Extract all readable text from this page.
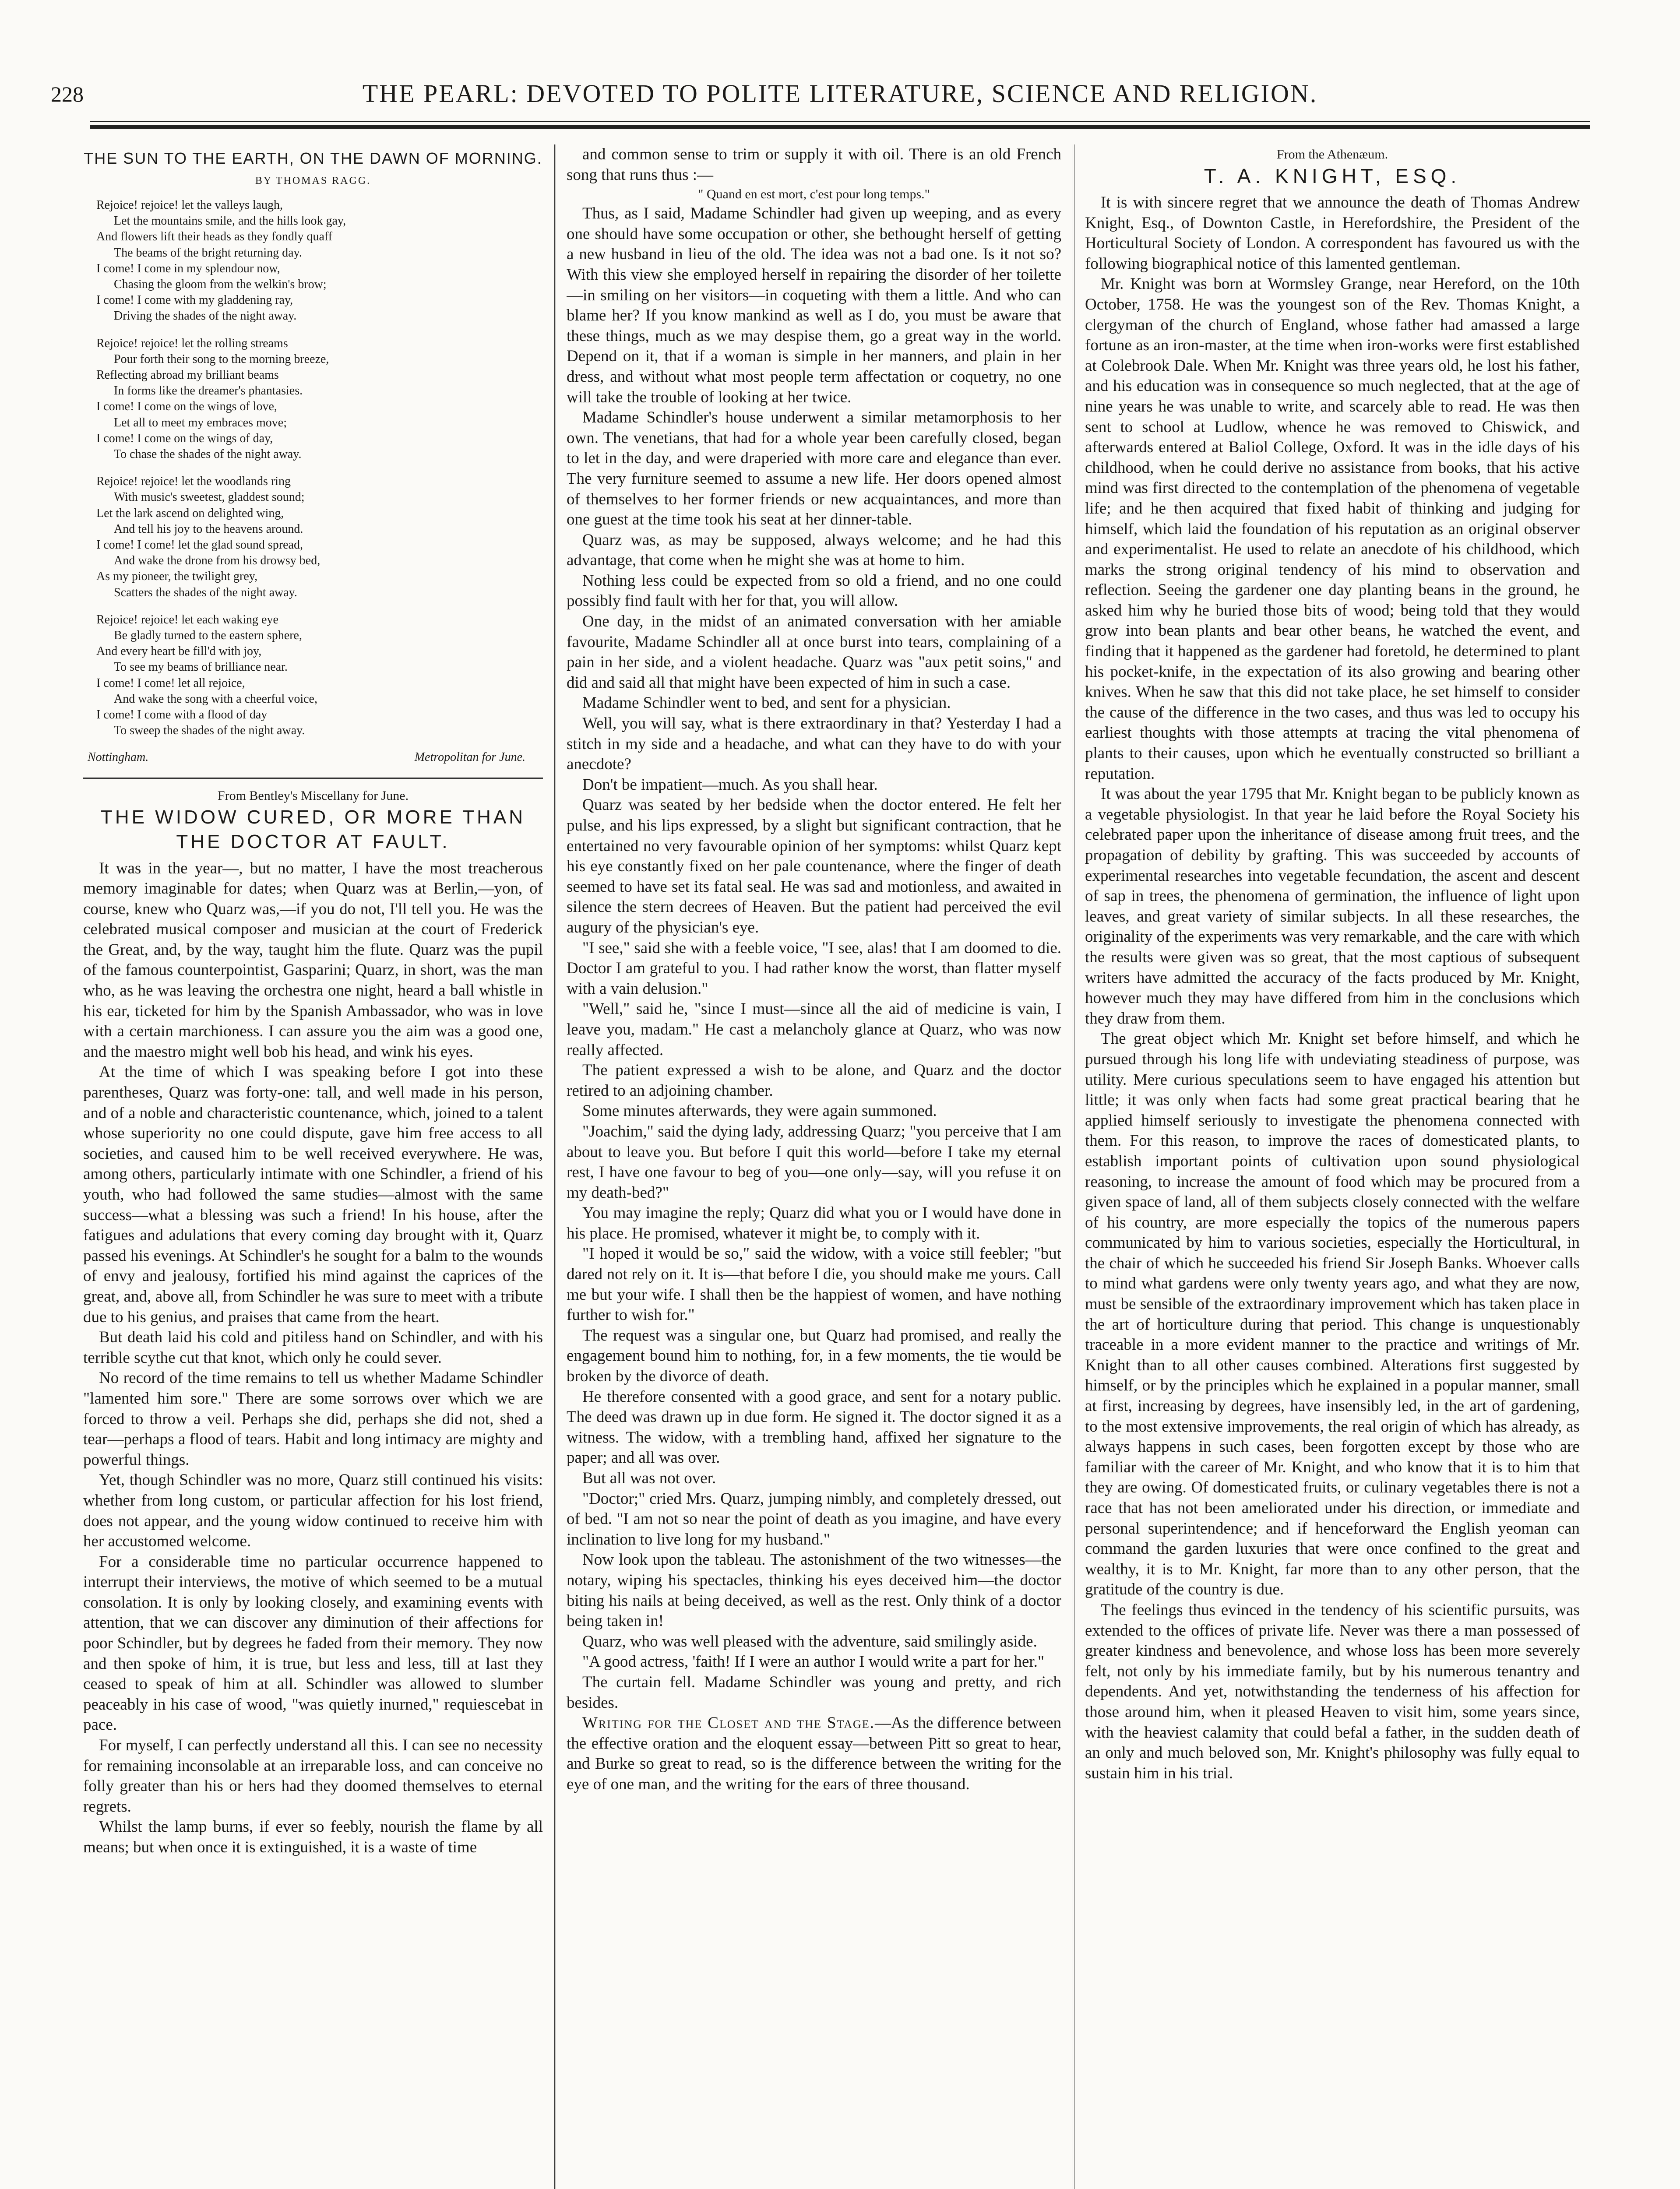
228	THE PEARL: DEVOTED TO POLITE LITERATURE, SCIENCE AND RELIGION.
THE SUN TO THE EARTH, ON THE DAWN OF MORNING.
BY THOMAS RAGG.
Rejoice! rejoice! let the valleys laugh,
Let the mountains smile, and the hills look gay,
And flowers lift their heads as they fondly quaff
The beams of the bright returning day.
I come! I come in my splendour now,
Chasing the gloom from the welkin's brow;
I come! I come with my gladdening ray,
Driving the shades of the night away.
Rejoice! rejoice! let the rolling streams
Pour forth their song to the morning breeze,
Reflecting abroad my brilliant beams
In forms like the dreamer's phantasies.
I come! I come on the wings of love,
Let all to meet my embraces move;
I come! I come on the wings of day,
To chase the shades of the night away.
Rejoice! rejoice! let the woodlands ring
With music's sweetest, gladdest sound;
Let the lark ascend on delighted wing,
And tell his joy to the heavens around.
I come! I come! let the glad sound spread,
And wake the drone from his drowsy bed,
As my pioneer, the twilight grey,
Scatters the shades of the night away.
Rejoice! rejoice! let each waking eye
Be gladly turned to the eastern sphere,
And every heart be fill'd with joy,
To see my beams of brilliance near.
I come! I come! let all rejoice,
And wake the song with a cheerful voice,
I come! I come with a flood of day
To sweep the shades of the night away.
Nottingham.	Metropolitan for June.
From Bentley's Miscellany for June.
THE WIDOW CURED, OR MORE THAN THE DOCTOR AT FAULT.

It was in the year—, but no matter, I have the most treacherous memory imaginable for dates; when Quarz was at Berlin,—yon, of course, knew who Quarz was,—if you do not, I'll tell you. He was the celebrated musical composer and musician at the court of Frederick the Great, and, by the way, taught him the flute. Quarz was the pupil of the famous counterpointist, Gasparini; Quarz, in short, was the man who, as he was leaving the orchestra one night, heard a ball whistle in his ear, ticketed for him by the Spanish Ambassador, who was in love with a certain marchioness. I can assure you the aim was a good one, and the maestro might well bob his head, and wink his eyes.

At the time of which I was speaking before I got into these parentheses, Quarz was forty-one: tall, and well made in his person, and of a noble and characteristic countenance, which, joined to a talent whose superiority no one could dispute, gave him free access to all societies, and caused him to be well received everywhere. He was, among others, particularly intimate with one Schindler, a friend of his youth, who had followed the same studies—almost with the same success—what a blessing was such a friend! In his house, after the fatigues and adulations that every coming day brought with it, Quarz passed his evenings. At Schindler's he sought for a balm to the wounds of envy and jealousy, fortified his mind against the caprices of the great, and, above all, from Schindler he was sure to meet with a tribute due to his genius, and praises that came from the heart.

But death laid his cold and pitiless hand on Schindler, and with his terrible scythe cut that knot, which only he could sever.

No record of the time remains to tell us whether Madame Schindler "lamented him sore." There are some sorrows over which we are forced to throw a veil. Perhaps she did, perhaps she did not, shed a tear—perhaps a flood of tears. Habit and long intimacy are mighty and powerful things.

Yet, though Schindler was no more, Quarz still continued his visits: whether from long custom, or particular affection for his lost friend, does not appear, and the young widow continued to receive him with her accustomed welcome.

For a considerable time no particular occurrence happened to interrupt their interviews, the motive of which seemed to be a mutual consolation. It is only by looking closely, and examining events with attention, that we can discover any diminution of their affections for poor Schindler, but by degrees he faded from their memory. They now and then spoke of him, it is true, but less and less, till at last they ceased to speak of him at all. Schindler was allowed to slumber peaceably in his case of wood, "was quietly inurned," requiescebat in pace.

For myself, I can perfectly understand all this. I can see no necessity for remaining inconsolable at an irreparable loss, and can conceive no folly greater than his or hers had they doomed themselves to eternal regrets.

Whilst the lamp burns, if ever so feebly, nourish the flame by all means; but when once it is extinguished, it is a waste of time

and common sense to trim or supply it with oil. There is an old French song that runs thus :—

" Quand en est mort, c'est pour long temps."

Thus, as I said, Madame Schindler had given up weeping, and as every one should have some occupation or other, she bethought herself of getting a new husband in lieu of the old. The idea was not a bad one. Is it not so? With this view she employed herself in repairing the disorder of her toilette—in smiling on her visitors—in coqueting with them a little. And who can blame her? If you know mankind as well as I do, you must be aware that these things, much as we may despise them, go a great way in the world. Depend on it, that if a woman is simple in her manners, and plain in her dress, and without what most people term affectation or coquetry, no one will take the trouble of looking at her twice.

Madame Schindler's house underwent a similar metamorphosis to her own. The venetians, that had for a whole year been carefully closed, began to let in the day, and were draperied with more care and elegance than ever. The very furniture seemed to assume a new life. Her doors opened almost of themselves to her former friends or new acquaintances, and more than one guest at the time took his seat at her dinner-table.

Quarz was, as may be supposed, always welcome; and he had this advantage, that come when he might she was at home to him.

Nothing less could be expected from so old a friend, and no one could possibly find fault with her for that, you will allow.

One day, in the midst of an animated conversation with her amiable favourite, Madame Schindler all at once burst into tears, complaining of a pain in her side, and a violent headache. Quarz was "aux petit soins," and did and said all that might have been expected of him in such a case.

Madame Schindler went to bed, and sent for a physician.

Well, you will say, what is there extraordinary in that? Yesterday I had a stitch in my side and a headache, and what can they have to do with your anecdote?

Don't be impatient—much. As you shall hear.

Quarz was seated by her bedside when the doctor entered. He felt her pulse, and his lips expressed, by a slight but significant contraction, that he entertained no very favourable opinion of her symptoms: whilst Quarz kept his eye constantly fixed on her pale countenance, where the finger of death seemed to have set its fatal seal. He was sad and motionless, and awaited in silence the stern decrees of Heaven. But the patient had perceived the evil augury of the physician's eye.

"I see," said she with a feeble voice, "I see, alas! that I am doomed to die. Doctor I am grateful to you. I had rather know the worst, than flatter myself with a vain delusion."

"Well," said he, "since I must—since all the aid of medicine is vain, I leave you, madam." He cast a melancholy glance at Quarz, who was now really affected.

The patient expressed a wish to be alone, and Quarz and the doctor retired to an adjoining chamber.

Some minutes afterwards, they were again summoned.

"Joachim," said the dying lady, addressing Quarz; "you perceive that I am about to leave you. But before I quit this world—before I take my eternal rest, I have one favour to beg of you—one only—say, will you refuse it on my death-bed?"

You may imagine the reply; Quarz did what you or I would have done in his place. He promised, whatever it might be, to comply with it.

"I hoped it would be so," said the widow, with a voice still feebler; "but dared not rely on it. It is—that before I die, you should make me yours. Call me but your wife. I shall then be the happiest of women, and have nothing further to wish for."

The request was a singular one, but Quarz had promised, and really the engagement bound him to nothing, for, in a few moments, the tie would be broken by the divorce of death.

He therefore consented with a good grace, and sent for a notary public. The deed was drawn up in due form. He signed it. The doctor signed it as a witness. The widow, with a trembling hand, affixed her signature to the paper; and all was over.

But all was not over.

"Doctor;" cried Mrs. Quarz, jumping nimbly, and completely dressed, out of bed. "I am not so near the point of death as you imagine, and have every inclination to live long for my husband."

Now look upon the tableau. The astonishment of the two witnesses—the notary, wiping his spectacles, thinking his eyes deceived him—the doctor biting his nails at being deceived, as well as the rest. Only think of a doctor being taken in!

Quarz, who was well pleased with the adventure, said smilingly aside.

"A good actress, 'faith! If I were an author I would write a part for her."

The curtain fell. Madame Schindler was young and pretty, and rich besides.

Writing for the Closet and the Stage.—As the difference between the effective oration and the eloquent essay—between Pitt so great to hear, and Burke so great to read, so is the difference between the writing for the eye of one man, and the writing for the ears of three thousand.

From the Athenæum.
T. A. KNIGHT, ESQ.

It is with sincere regret that we announce the death of Thomas Andrew Knight, Esq., of Downton Castle, in Herefordshire, the President of the Horticultural Society of London. A correspondent has favoured us with the following biographical notice of this lamented gentleman.

Mr. Knight was born at Wormsley Grange, near Hereford, on the 10th October, 1758. He was the youngest son of the Rev. Thomas Knight, a clergyman of the church of England, whose father had amassed a large fortune as an iron-master, at the time when iron-works were first established at Colebrook Dale. When Mr. Knight was three years old, he lost his father, and his education was in consequence so much neglected, that at the age of nine years he was unable to write, and scarcely able to read. He was then sent to school at Ludlow, whence he was removed to Chiswick, and afterwards entered at Baliol College, Oxford. It was in the idle days of his childhood, when he could derive no assistance from books, that his active mind was first directed to the contemplation of the phenomena of vegetable life; and he then acquired that fixed habit of thinking and judging for himself, which laid the foundation of his reputation as an original observer and experimentalist. He used to relate an anecdote of his childhood, which marks the strong original tendency of his mind to observation and reflection. Seeing the gardener one day planting beans in the ground, he asked him why he buried those bits of wood; being told that they would grow into bean plants and bear other beans, he watched the event, and finding that it happened as the gardener had foretold, he determined to plant his pocket-knife, in the expectation of its also growing and bearing other knives. When he saw that this did not take place, he set himself to consider the cause of the difference in the two cases, and thus was led to occupy his earliest thoughts with those attempts at tracing the vital phenomena of plants to their causes, upon which he eventually constructed so brilliant a reputation.

It was about the year 1795 that Mr. Knight began to be publicly known as a vegetable physiologist. In that year he laid before the Royal Society his celebrated paper upon the inheritance of disease among fruit trees, and the propagation of debility by grafting. This was succeeded by accounts of experimental researches into vegetable fecundation, the ascent and descent of sap in trees, the phenomena of germination, the influence of light upon leaves, and great variety of similar subjects. In all these researches, the originality of the experiments was very remarkable, and the care with which the results were given was so great, that the most captious of subsequent writers have admitted the accuracy of the facts produced by Mr. Knight, however much they may have differed from him in the conclusions which they draw from them.

The great object which Mr. Knight set before himself, and which he pursued through his long life with undeviating steadiness of purpose, was utility. Mere curious speculations seem to have engaged his attention but little; it was only when facts had some great practical bearing that he applied himself seriously to investigate the phenomena connected with them. For this reason, to improve the races of domesticated plants, to establish important points of cultivation upon sound physiological reasoning, to increase the amount of food which may be procured from a given space of land, all of them subjects closely connected with the welfare of his country, are more especially the topics of the numerous papers communicated by him to various societies, especially the Horticultural, in the chair of which he succeeded his friend Sir Joseph Banks. Whoever calls to mind what gardens were only twenty years ago, and what they are now, must be sensible of the extraordinary improvement which has taken place in the art of horticulture during that period. This change is unquestionably traceable in a more evident manner to the practice and writings of Mr. Knight than to all other causes combined. Alterations first suggested by himself, or by the principles which he explained in a popular manner, small at first, increasing by degrees, have insensibly led, in the art of gardening, to the most extensive improvements, the real origin of which has already, as always happens in such cases, been forgotten except by those who are familiar with the career of Mr. Knight, and who know that it is to him that they are owing. Of domesticated fruits, or culinary vegetables there is not a race that has not been ameliorated under his direction, or immediate and personal superintendence; and if henceforward the English yeoman can command the garden luxuries that were once confined to the great and wealthy, it is to Mr. Knight, far more than to any other person, that the gratitude of the country is due.

The feelings thus evinced in the tendency of his scientific pursuits, was extended to the offices of private life. Never was there a man possessed of greater kindness and benevolence, and whose loss has been more severely felt, not only by his immediate family, but by his numerous tenantry and dependents. And yet, notwithstanding the tenderness of his affection for those around him, when it pleased Heaven to visit him, some years since, with the heaviest calamity that could befal a father, in the sudden death of an only and much beloved son, Mr. Knight's philosophy was fully equal to sustain him in his trial.
